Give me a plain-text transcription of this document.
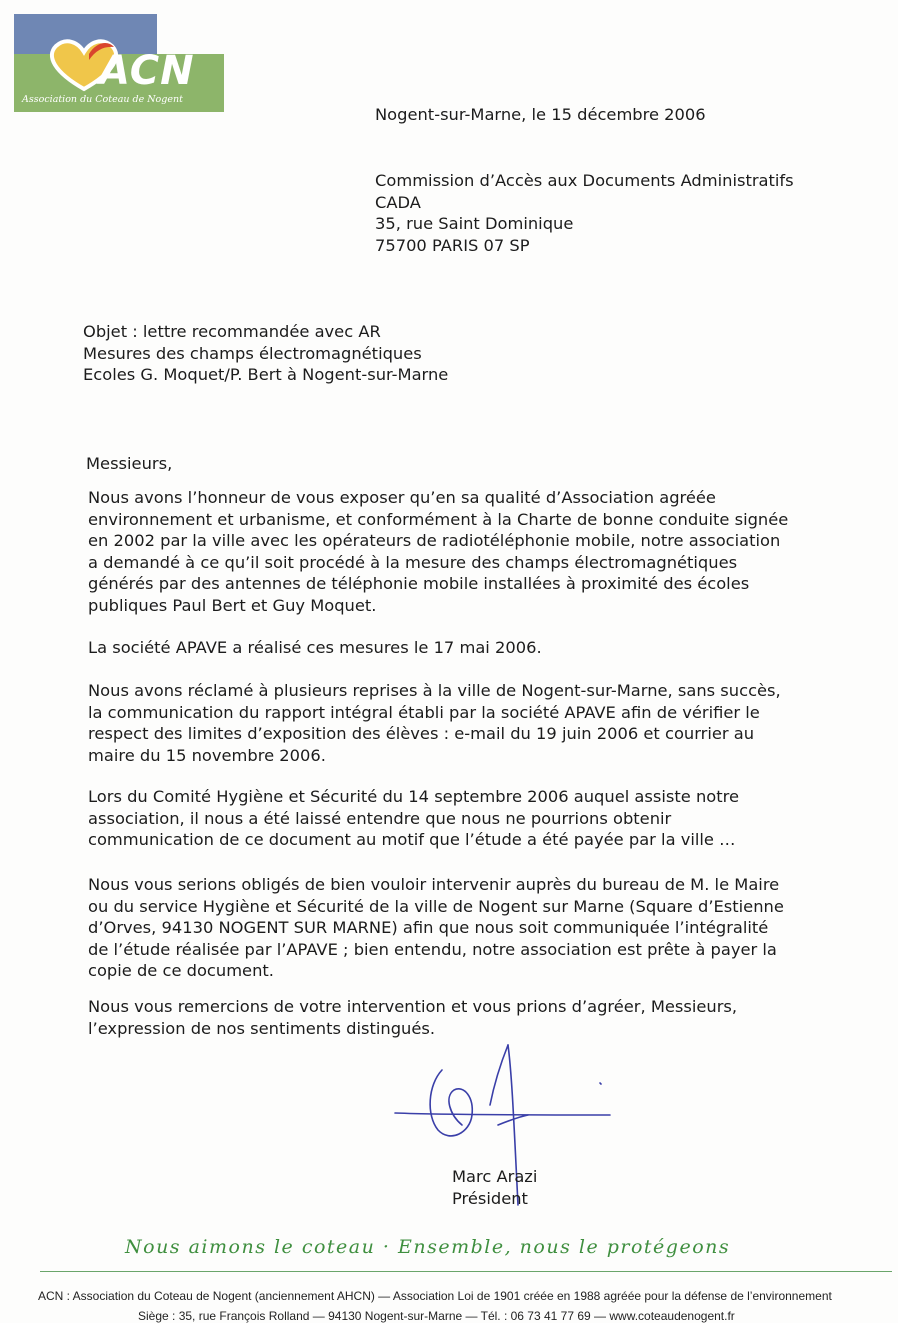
ACN
Association du Coteau de Nogent
Nogent-sur-Marne, le 15 décembre 2006
Commission d’Accès aux Documents Administratifs
CADA
35, rue Saint Dominique
75700 PARIS 07 SP
Objet : lettre recommandée avec AR
Mesures des champs électromagnétiques
Ecoles G. Moquet/P. Bert à Nogent-sur-Marne
Messieurs,
Nous avons l’honneur de vous exposer qu’en sa qualité d’Association agréée
environnement et urbanisme, et conformément à la Charte de bonne conduite signée
en 2002 par la ville avec les opérateurs de radiotéléphonie mobile, notre association
a demandé à ce qu’il soit procédé à la mesure des champs électromagnétiques
générés par des antennes de téléphonie mobile installées à proximité des écoles
publiques Paul Bert et Guy Moquet.
La société APAVE a réalisé ces mesures le 17 mai 2006.
Nous avons réclamé à plusieurs reprises à la ville de Nogent-sur-Marne, sans succès,
la communication du rapport intégral établi par la société APAVE afin de vérifier le
respect des limites d’exposition des élèves : e-mail du 19 juin 2006 et courrier au
maire du 15 novembre 2006.
Lors du Comité Hygiène et Sécurité du 14 septembre 2006 auquel assiste notre
association, il nous a été laissé entendre que nous ne pourrions obtenir
communication de ce document au motif que l’étude a été payée par la ville …
Nous vous serions obligés de bien vouloir intervenir auprès du bureau de M. le Maire
ou du service Hygiène et Sécurité de la ville de Nogent sur Marne (Square d’Estienne
d’Orves, 94130 NOGENT SUR MARNE) afin que nous soit communiquée l’intégralité
de l’étude réalisée par l’APAVE ; bien entendu, notre association est prête à payer la
copie de ce document.
Nous vous remercions de votre intervention et vous prions d’agréer, Messieurs,
l’expression de nos sentiments distingués.
Marc Arazi
Président
Nous aimons le coteau · Ensemble, nous le protégeons
ACN : Association du Coteau de Nogent (anciennement AHCN) — Association Loi de 1901 créée en 1988 agréée pour la défense de l’environnement
Siège : 35, rue François Rolland — 94130 Nogent-sur-Marne — Tél. : 06 73 41 77 69 — www.coteaudenogent.fr
